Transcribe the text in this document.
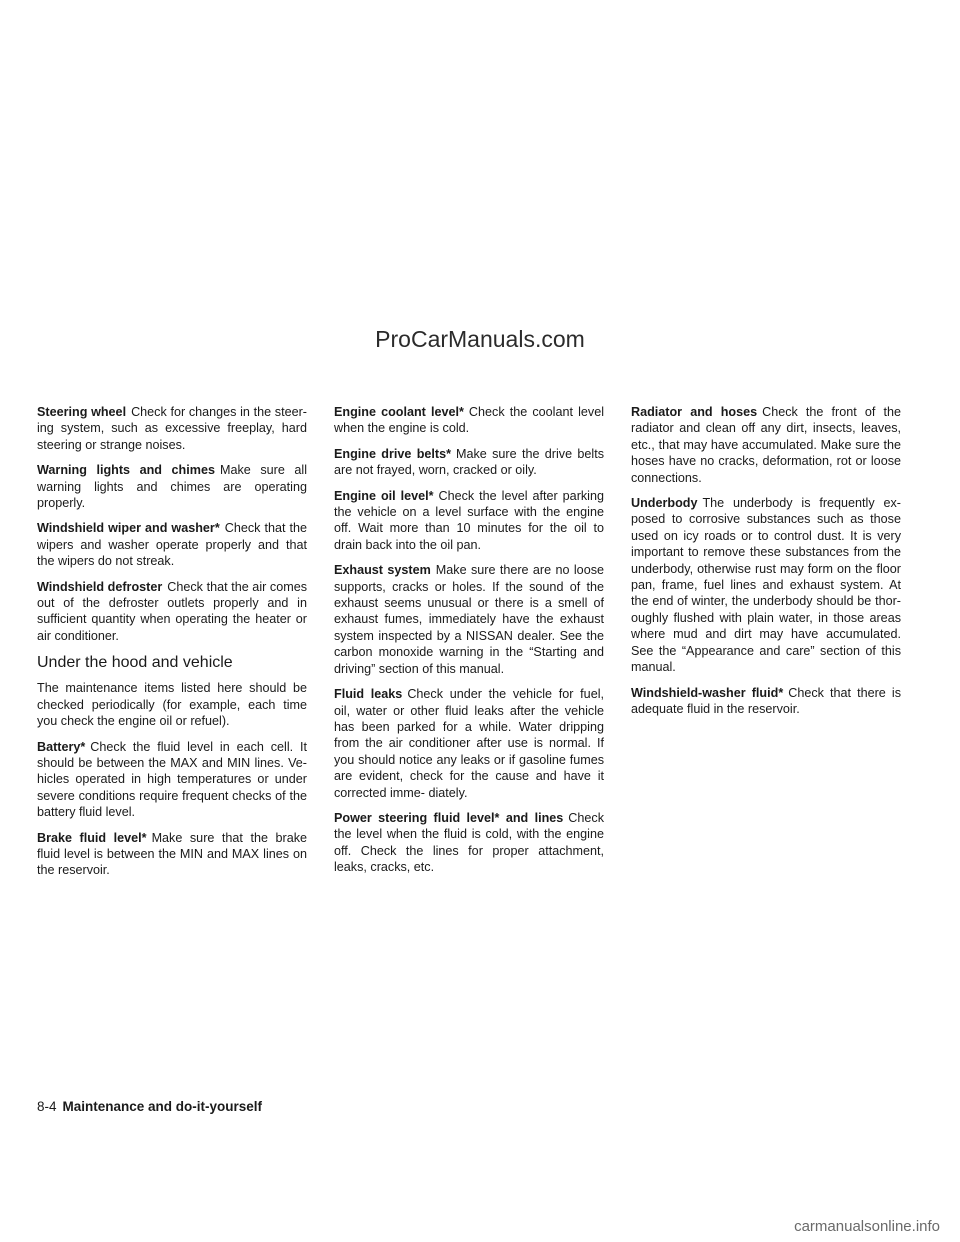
ProCarManuals.com

Steering wheel Check for changes in the steer- ing system, such as excessive freeplay, hard steering or strange noises.

Warning lights and chimes Make sure all warning lights and chimes are operating properly.

Windshield wiper and washer* Check that the wipers and washer operate properly and that the wipers do not streak.

Windshield defroster Check that the air comes out of the defroster outlets properly and in sufficient quantity when operating the heater or air conditioner.

Under the hood and vehicle

The maintenance items listed here should be checked periodically (for example, each time you check the engine oil or refuel).

Battery* Check the fluid level in each cell. It should be between the MAX and MIN lines. Ve- hicles operated in high temperatures or under severe conditions require frequent checks of the battery fluid level.

Brake fluid level* Make sure that the brake fluid level is between the MIN and MAX lines on the reservoir.

Engine coolant level* Check the coolant level when the engine is cold.

Engine drive belts* Make sure the drive belts are not frayed, worn, cracked or oily.

Engine oil level* Check the level after parking the vehicle on a level surface with the engine off. Wait more than 10 minutes for the oil to drain back into the oil pan.

Exhaust system Make sure there are no loose supports, cracks or holes. If the sound of the exhaust seems unusual or there is a smell of exhaust fumes, immediately have the exhaust system inspected by a NISSAN dealer. See the carbon monoxide warning in the “Starting and driving” section of this manual.

Fluid leaks Check under the vehicle for fuel, oil, water or other fluid leaks after the vehicle has been parked for a while. Water dripping from the air conditioner after use is normal. If you should notice any leaks or if gasoline fumes are evident, check for the cause and have it corrected imme- diately.

Power steering fluid level* and lines Check the level when the fluid is cold, with the engine off. Check the lines for proper attachment, leaks, cracks, etc.

Radiator and hoses Check the front of the radiator and clean off any dirt, insects, leaves, etc., that may have accumulated. Make sure the hoses have no cracks, deformation, rot or loose connections.

Underbody The underbody is frequently ex- posed to corrosive substances such as those used on icy roads or to control dust. It is very important to remove these substances from the underbody, otherwise rust may form on the floor pan, frame, fuel lines and exhaust system. At the end of winter, the underbody should be thor- oughly flushed with plain water, in those areas where mud and dirt may have accumulated. See the “Appearance and care” section of this manual.

Windshield-washer fluid* Check that there is adequate fluid in the reservoir.

8-4 Maintenance and do-it-yourself
carmanualsonline.info
